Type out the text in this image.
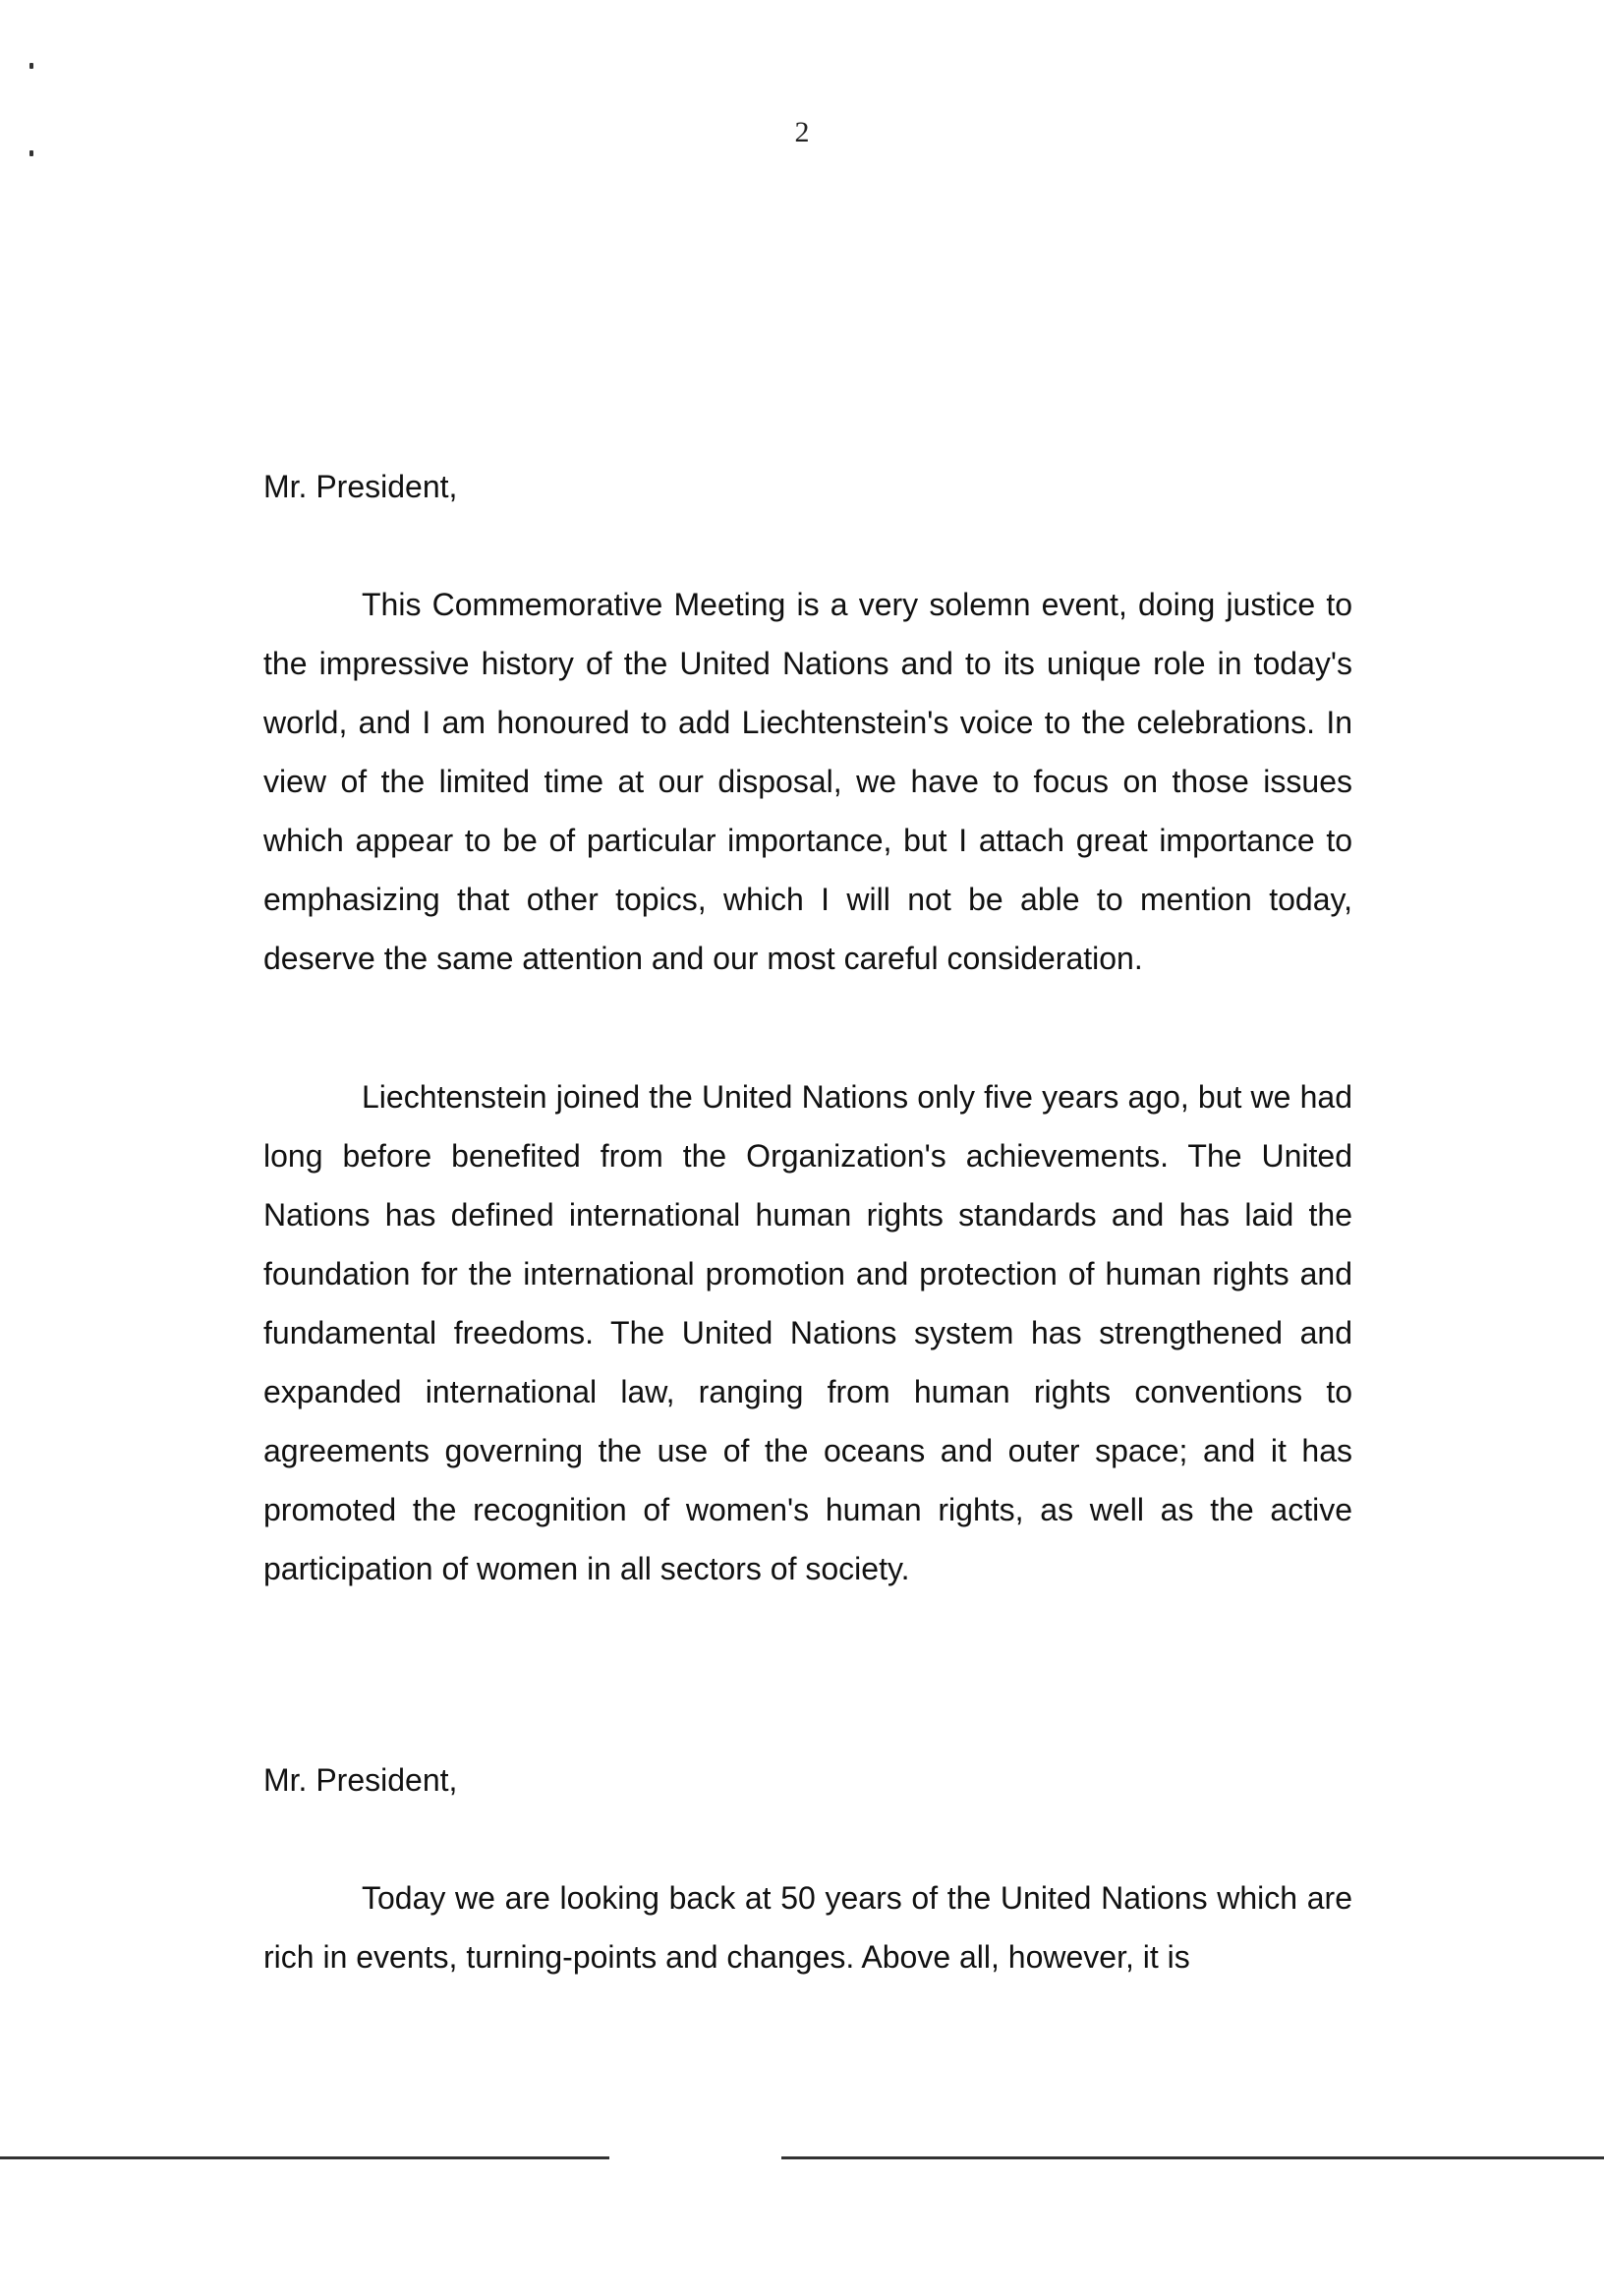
2
Mr. President,

This Commemorative Meeting is a very solemn event, doing justice to the impressive history of the United Nations and to its unique role in today's world, and I am honoured to add Liechtenstein's voice to the celebrations. In view of the limited time at our disposal, we have to focus on those issues which appear to be of particular importance, but I attach great importance to emphasizing that other topics, which I will not be able to mention today, deserve the same attention and our most careful consideration.

Liechtenstein joined the United Nations only five years ago, but we had long before benefited from the Organization's achievements. The United Nations has defined international human rights standards and has laid the foundation for the international promotion and protection of human rights and fundamental freedoms. The United Nations system has strengthened and expanded international law, ranging from human rights conventions to agreements governing the use of the oceans and outer space; and it has promoted the recognition of women's human rights, as well as the active participation of women in all sectors of society.

Mr. President,

Today we are looking back at 50 years of the United Nations which are rich in events, turning-points and changes. Above all, however, it is
